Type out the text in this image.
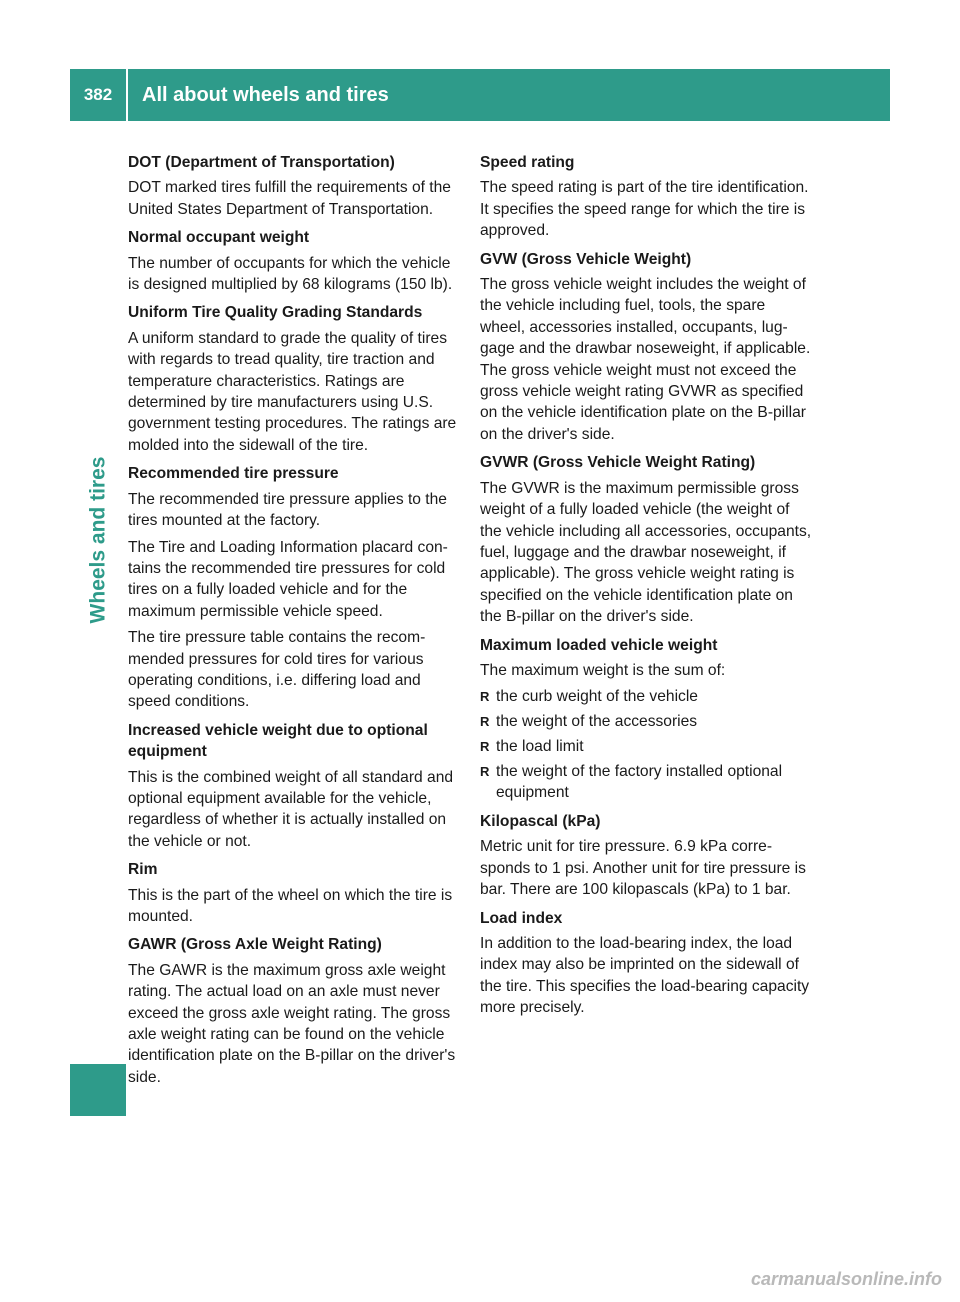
382	All about wheels and tires
Wheels and tires
DOT (Department of Transportation)

DOT marked tires fulfill the requirements of the United States Department of Transportation.

Normal occupant weight

The number of occupants for which the vehicle is designed multiplied by 68 kilograms (150 lb).

Uniform Tire Quality Grading Standards

A uniform standard to grade the quality of tires with regards to tread quality, tire traction and temperature characteristics. Ratings are determined by tire manufacturers using U.S. government testing procedures. The ratings are molded into the sidewall of the tire.

Recommended tire pressure

The recommended tire pressure applies to the tires mounted at the factory.

The Tire and Loading Information placard contains the recommended tire pressures for cold tires on a fully loaded vehicle and for the maximum permissible vehicle speed.

The tire pressure table contains the recommended pressures for cold tires for various operating conditions, i.e. differing load and speed conditions.

Increased vehicle weight due to optional equipment

This is the combined weight of all standard and optional equipment available for the vehicle, regardless of whether it is actually installed on the vehicle or not.

Rim

This is the part of the wheel on which the tire is mounted.

GAWR (Gross Axle Weight Rating)

The GAWR is the maximum gross axle weight rating. The actual load on an axle must never exceed the gross axle weight rating. The gross axle weight rating can be found on the vehicle identification plate on the B-pillar on the driver's side.

Speed rating

The speed rating is part of the tire identification. It specifies the speed range for which the tire is approved.

GVW (Gross Vehicle Weight)

The gross vehicle weight includes the weight of the vehicle including fuel, tools, the spare wheel, accessories installed, occupants, luggage and the drawbar noseweight, if applicable. The gross vehicle weight must not exceed the gross vehicle weight rating GVWR as specified on the vehicle identification plate on the B-pillar on the driver's side.

GVWR (Gross Vehicle Weight Rating)

The GVWR is the maximum permissible gross weight of a fully loaded vehicle (the weight of the vehicle including all accessories, occupants, fuel, luggage and the drawbar noseweight, if applicable). The gross vehicle weight rating is specified on the vehicle identification plate on the B-pillar on the driver's side.

Maximum loaded vehicle weight

The maximum weight is the sum of:

R the curb weight of the vehicle
R the weight of the accessories
R the load limit
R the weight of the factory installed optional equipment
Kilopascal (kPa)

Metric unit for tire pressure. 6.9 kPa corresponds to 1 psi. Another unit for tire pressure is bar. There are 100 kilopascals (kPa) to 1 bar.

Load index

In addition to the load-bearing index, the load index may also be imprinted on the sidewall of the tire. This specifies the load-bearing capacity more precisely.

carmanualsonline.info
